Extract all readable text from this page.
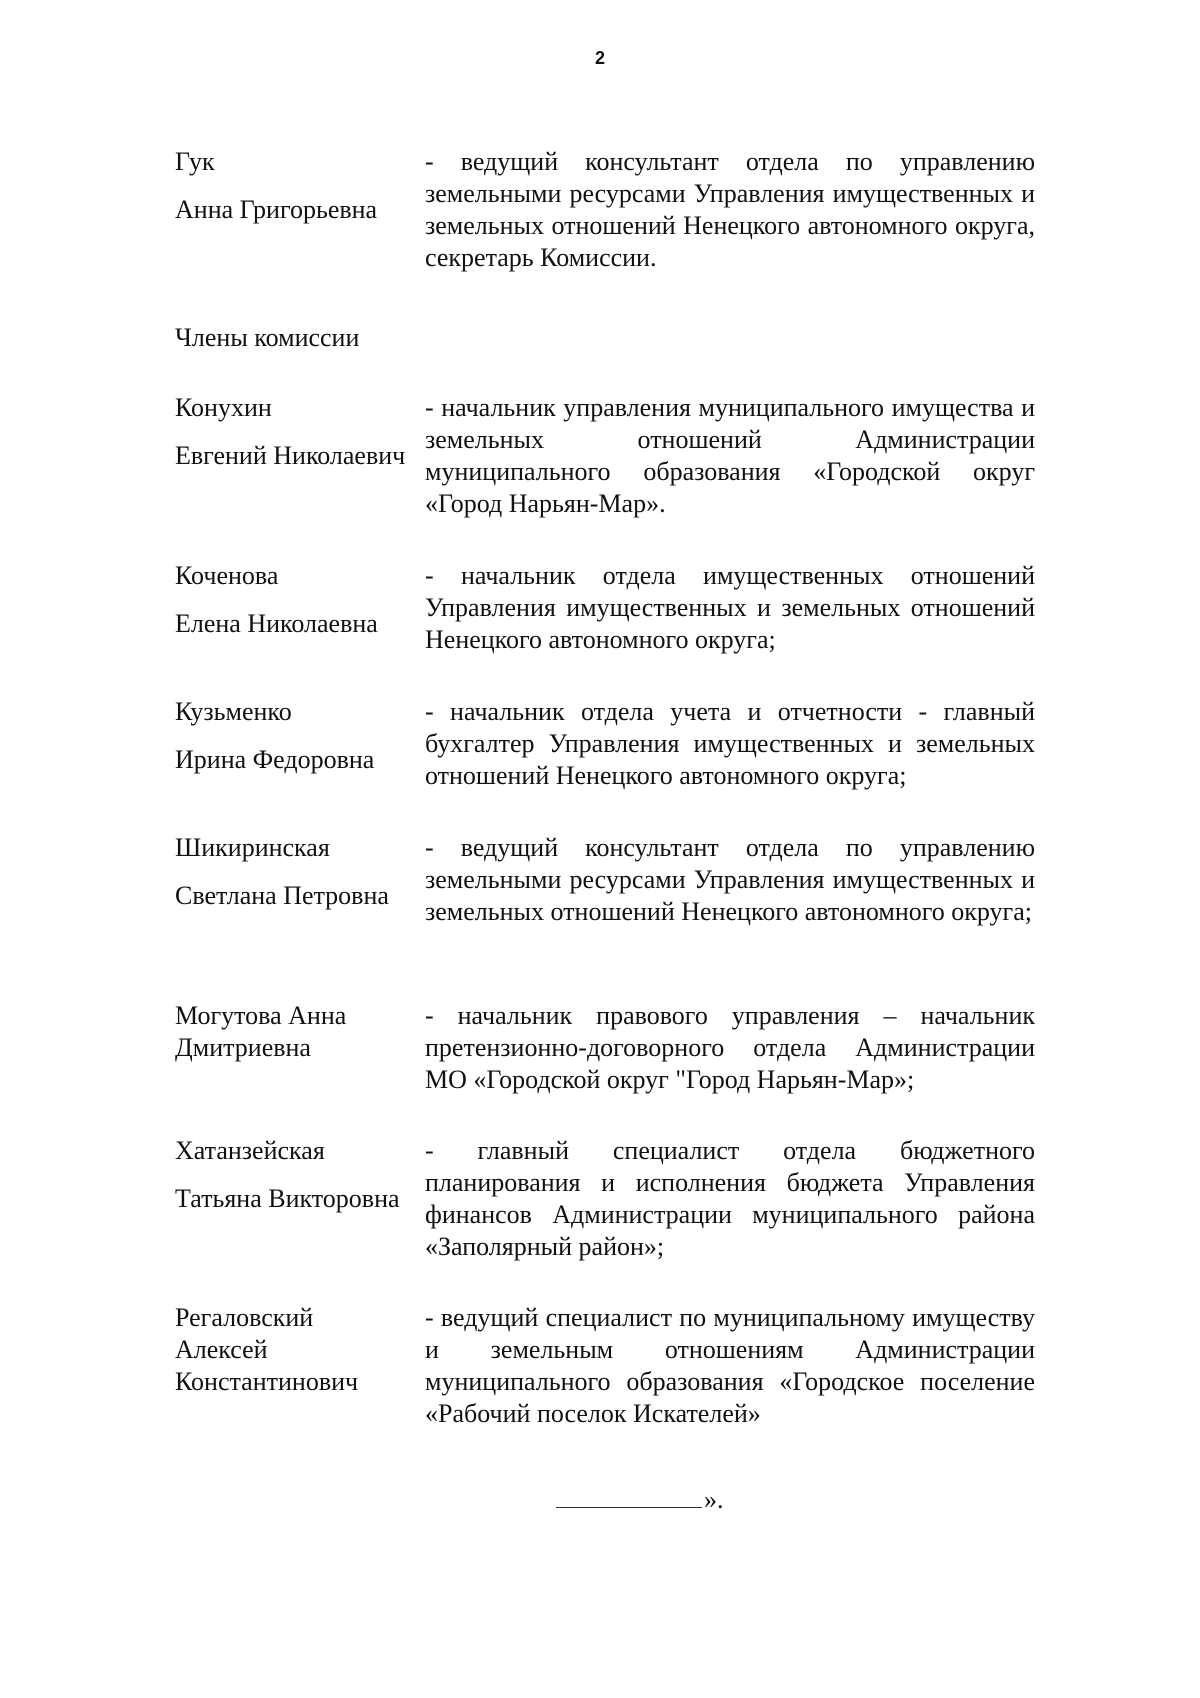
2
Гук
Анна Григорьевна
- ведущий консультант отдела по управлению земельными ресурсами Управления имущественных и земельных отношений Ненецкого автономного округа, секретарь Комиссии.
Члены комиссии
Конухин
Евгений Николаевич
- начальник управления муниципального имущества и земельных отношений Администрации муниципального образования «Городской округ «Город Нарьян-Мар».
Коченова
Елена Николаевна
- начальник отдела имущественных отношений Управления имущественных и земельных отношений Ненецкого автономного округа;
Кузьменко
Ирина Федоровна
- начальник отдела учета и отчетности - главный бухгалтер Управления имущественных и земельных отношений Ненецкого автономного округа;
Шикиринская
Светлана Петровна
- ведущий консультант отдела по управлению земельными ресурсами Управления имущественных и земельных отношений Ненецкого автономного округа;
Могутова Анна
Дмитриевна
- начальник правового управления – начальник претензионно-договорного отдела Администрации МО «Городской округ "Город Нарьян-Мар»;
Хатанзейская
Татьяна Викторовна
- главный специалист отдела бюджетного планирования и исполнения бюджета Управления финансов Администрации муниципального района «Заполярный район»;
Регаловский
Алексей
Константинович
- ведущий специалист по муниципальному имуществу и земельным отношениям Администрации муниципального образования «Городское поселение «Рабочий поселок Искателей»
».
